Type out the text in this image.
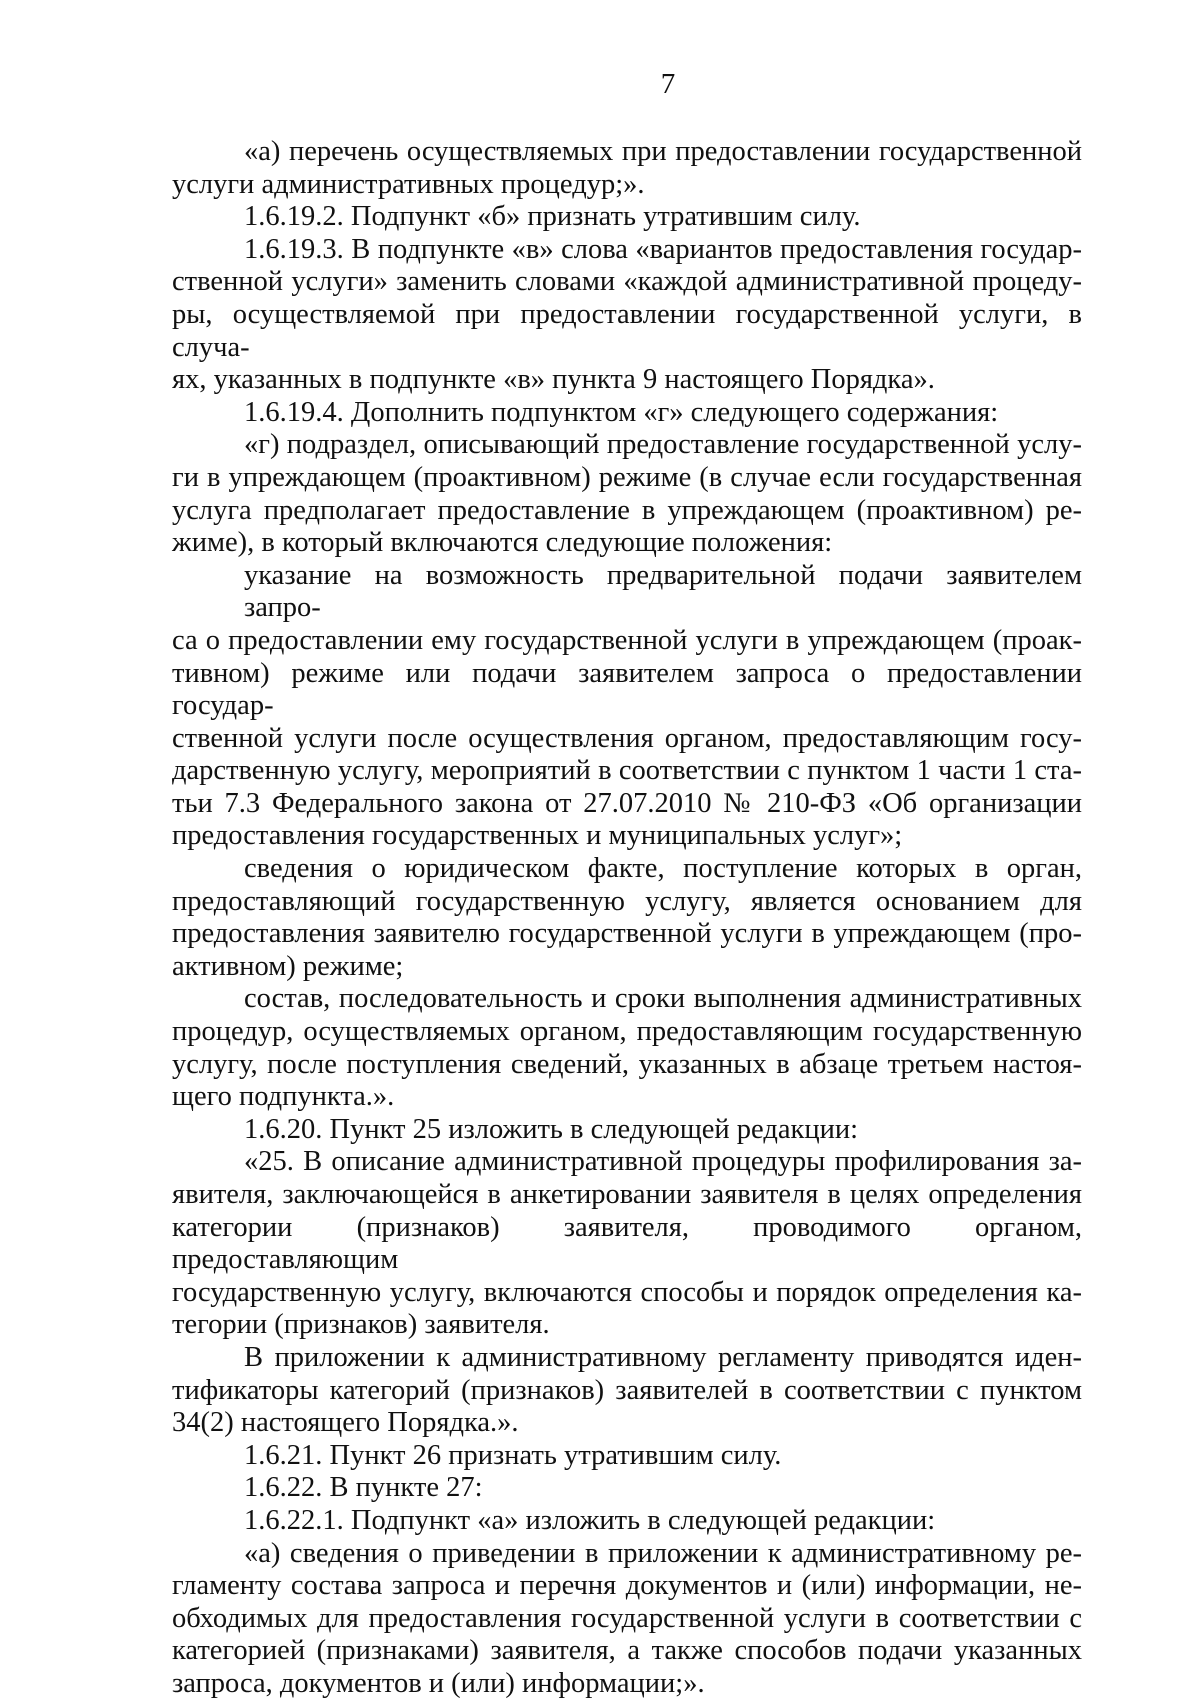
7

«а) перечень осуществляемых при предоставлении государственной
услуги административных процедур;».

1.6.19.2. Подпункт «б» признать утратившим силу.

1.6.19.3. В подпункте «в» слова «вариантов предоставления государ-
ственной услуги» заменить словами «каждой административной процеду-
ры, осуществляемой при предоставлении государственной услуги, в случа-
ях, указанных в подпункте «в» пункта 9 настоящего Порядка».

1.6.19.4. Дополнить подпунктом «г» следующего содержания:

«г) подраздел, описывающий предоставление государственной услу-
ги в упреждающем (проактивном) режиме (в случае если государственная
услуга предполагает предоставление в упреждающем (проактивном) ре-
жиме), в который включаются следующие положения:

указание на возможность предварительной подачи заявителем запро-
са о предоставлении ему государственной услуги в упреждающем (проак-
тивном) режиме или подачи заявителем запроса о предоставлении государ-
ственной услуги после осуществления органом, предоставляющим госу-
дарственную услугу, мероприятий в соответствии с пунктом 1 части 1 ста-
тьи 7.3 Федерального закона от 27.07.2010 № 210-ФЗ «Об организации
предоставления государственных и муниципальных услуг»;

сведения о юридическом факте, поступление которых в орган,
предоставляющий государственную услугу, является основанием для
предоставления заявителю государственной услуги в упреждающем (про-
активном) режиме;

состав, последовательность и сроки выполнения административных
процедур, осуществляемых органом, предоставляющим государственную
услугу, после поступления сведений, указанных в абзаце третьем настоя-
щего подпункта.».

1.6.20. Пункт 25 изложить в следующей редакции:

«25. В описание административной процедуры профилирования за-
явителя, заключающейся в анкетировании заявителя в целях определения
категории (признаков) заявителя, проводимого органом, предоставляющим
государственную услугу, включаются способы и порядок определения ка-
тегории (признаков) заявителя.

В приложении к административному регламенту приводятся иден-
тификаторы категорий (признаков) заявителей в соответствии с пунктом
34(2) настоящего Порядка.».

1.6.21. Пункт 26 признать утратившим силу.

1.6.22. В пункте 27:

1.6.22.1. Подпункт «а» изложить в следующей редакции:

«а) сведения о приведении в приложении к административному ре-
гламенту состава запроса и перечня документов и (или) информации, не-
обходимых для предоставления государственной услуги в соответствии с
категорией (признаками) заявителя, а также способов подачи указанных
запроса, документов и (или) информации;».
